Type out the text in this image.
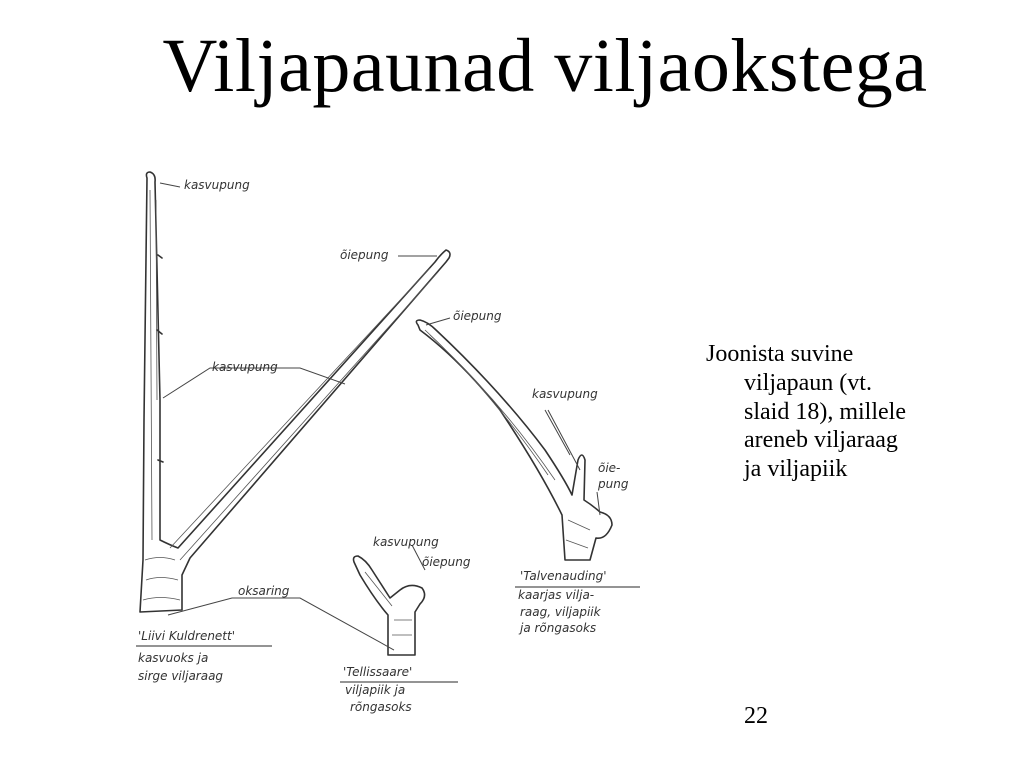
Viljapaunad viljaokstega
kasvupung
õiepung
kasvupung
õiepung
kasvupung
õie-
pung
kasvupung
õiepung
oksaring
'Liivi Kuldrenett'
kasvuoks ja
sirge viljaraag	'Tellissaare'
viljapiik ja
rõngasoks
'Talvenauding'
kaarjas vilja-
raag, viljapiik
ja rõngasoks
Joonista suvine
viljapaun (vt.
slaid 18), millele
areneb viljaraag
ja viljapiik
22
